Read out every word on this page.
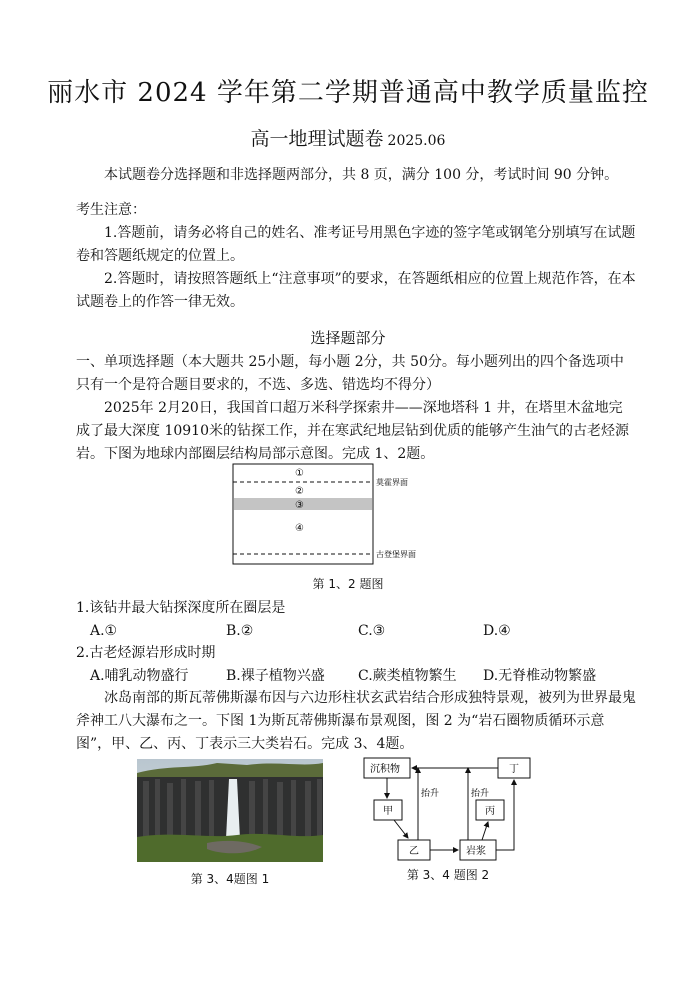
丽水市 2024 学年第二学期普通高中教学质量监控
高一地理试题卷 2025.06
本试题卷分选择题和非选择题两部分，共 8 页，满分 100 分，考试时间 90 分钟。
考生注意：
1.答题前，请务必将自己的姓名、准考证号用黑色字迹的签字笔或钢笔分别填写在试题卷和答题纸规定的位置上。
2.答题时，请按照答题纸上“注意事项”的要求，在答题纸相应的位置上规范作答，在本试题卷上的作答一律无效。
选择题部分
一、单项选择题（本大题共 25小题，每小题 2分，共 50分。每小题列出的四个备选项中只有一个是符合题目要求的，不选、多选、错选均不得分）
2025年 2月20日，我国首口超万米科学探索井——深地塔科 1 井，在塔里木盆地完成了最大深度 10910米的钻探工作，并在寒武纪地层钻到优质的能够产生油气的古老烃源岩。下图为地球内部圈层结构局部示意图。完成 1、2题。
①
②
③
④
莫霍界面
古登堡界面
第 1、2 题图
1.该钻井最大钻探深度所在圈层是
A.①	B.②	C.③	D.④
2.古老烃源岩形成时期
A.哺乳动物盛行	B.裸子植物兴盛 C.蕨类植物繁生 D.无脊椎动物繁盛
冰岛南部的斯瓦蒂佛斯瀑布因与六边形柱状玄武岩结合形成独特景观，被列为世界最鬼斧神工八大瀑布之一。下图 1为斯瓦蒂佛斯瀑布景观图，图 2 为“岩石圈物质循环示意图”，甲、乙、丙、丁表示三大类岩石。完成 3、4题。
第 3、4题图 1
沉积物
甲
乙	岩浆
丙
丁
抬升	抬升
第 3、4 题图 2
